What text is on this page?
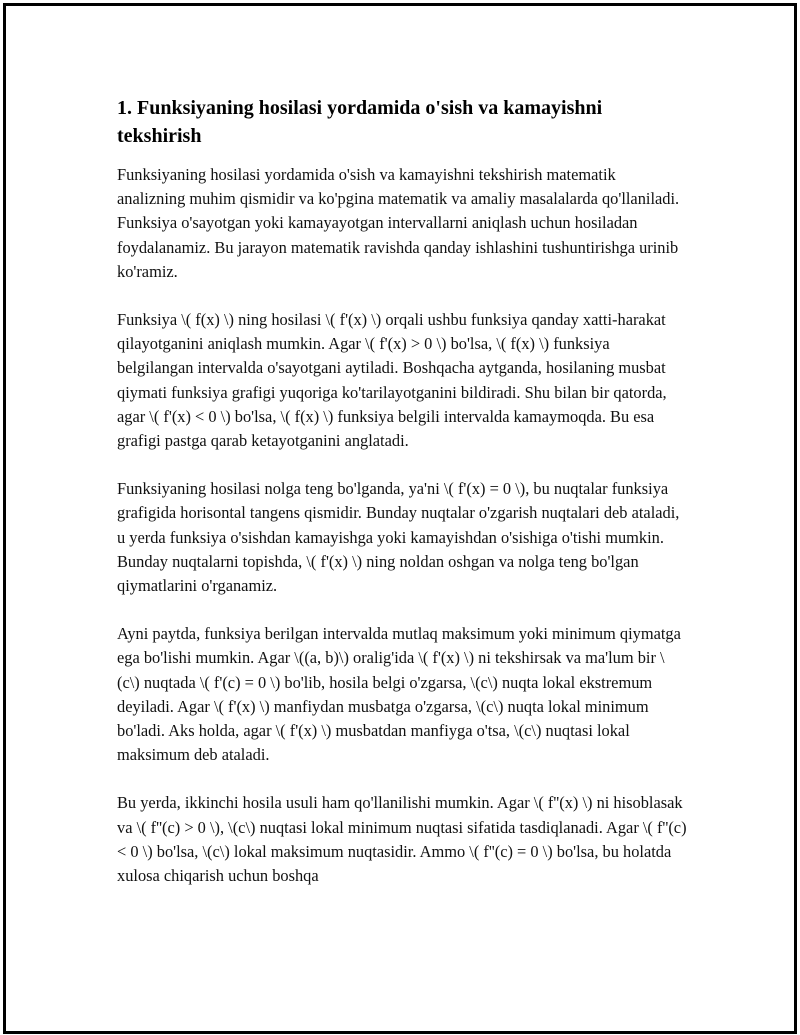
1. Funksiyaning hosilasi yordamida o'sish va kamayishni tekshirish

Funksiyaning hosilasi yordamida o'sish va kamayishni tekshirish matematik analizning muhim qismidir va ko'pgina matematik va amaliy masalalarda qo'llaniladi. Funksiya o'sayotgan yoki kamayayotgan intervallarni aniqlash uchun hosiladan foydalanamiz. Bu jarayon matematik ravishda qanday ishlashini tushuntirishga urinib ko'ramiz.

Funksiya \( f(x) \) ning hosilasi \( f'(x) \) orqali ushbu funksiya qanday xatti-harakat qilayotganini aniqlash mumkin. Agar \( f'(x) > 0 \) bo'lsa, \( f(x) \) funksiya belgilangan intervalda o'sayotgani aytiladi. Boshqacha aytganda, hosilaning musbat qiymati funksiya grafigi yuqoriga ko'tarilayotganini bildiradi. Shu bilan bir qatorda, agar \( f'(x) < 0 \) bo'lsa, \( f(x) \) funksiya belgili intervalda kamaymoqda. Bu esa grafigi pastga qarab ketayotganini anglatadi.

Funksiyaning hosilasi nolga teng bo'lganda, ya'ni \( f'(x) = 0 \), bu nuqtalar funksiya grafigida horisontal tangens qismidir. Bunday nuqtalar o'zgarish nuqtalari deb ataladi, u yerda funksiya o'sishdan kamayishga yoki kamayishdan o'sishiga o'tishi mumkin. Bunday nuqtalarni topishda, \( f'(x) \) ning noldan oshgan va nolga teng bo'lgan qiymatlarini o'rganamiz.

Ayni paytda, funksiya berilgan intervalda mutlaq maksimum yoki minimum qiymatga ega bo'lishi mumkin. Agar \((a, b)\) oralig'ida \( f'(x) \) ni tekshirsak va ma'lum bir \(c\) nuqtada \( f'(c) = 0 \) bo'lib, hosila belgi o'zgarsa, \(c\) nuqta lokal ekstremum deyiladi. Agar \( f'(x) \) manfiydan musbatga o'zgarsa, \(c\) nuqta lokal minimum bo'ladi. Aks holda, agar \( f'(x) \) musbatdan manfiyga o'tsa, \(c\) nuqtasi lokal maksimum deb ataladi.

Bu yerda, ikkinchi hosila usuli ham qo'llanilishi mumkin. Agar \( f''(x) \) ni hisoblasak va \( f''(c) > 0 \), \(c\) nuqtasi lokal minimum nuqtasi sifatida tasdiqlanadi. Agar \( f''(c) < 0 \) bo'lsa, \(c\) lokal maksimum nuqtasidir. Ammo \( f''(c) = 0 \) bo'lsa, bu holatda xulosa chiqarish uchun boshqa
